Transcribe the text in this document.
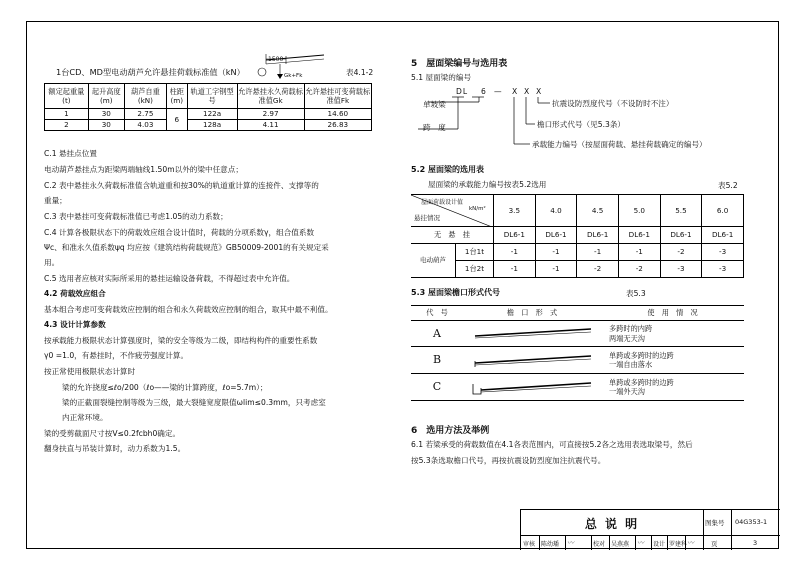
1台CD、MD型电动葫芦允许悬挂荷载标准值（kN）	表4.1-2
1500
Gk+Fk
额定起重量(t)	起升高度(m)	葫芦自重(kN)	柱距(m)	轨道工字钢型号	允许悬挂永久荷载标准值Gk	允许悬挂可变荷载标准值Fk
1	30	2.75	6	122a	2.97	14.60
2	30	4.03		128a	4.11	26.83
C.1 悬挂点位置
电动葫芦悬挂点为距梁两端轴线1.50m以外的梁中任意点；
C.2 表中悬挂永久荷载标准值含轨道重和按30%的轨道重计算的连接件、支撑等的
重量；
C.3 表中悬挂可变荷载标准值已考虑1.05的动力系数；
C.4 计算各极限状态下的荷载效应组合设计值时，荷载的分项系数γ，组合值系数
Ψc、和准永久值系数ψq 均应按《建筑结构荷载规范》GB50009-2001的有关规定采
用。
C.5 选用者应核对实际所采用的悬挂运输设备荷载，不得超过表中允许值。
4.2 荷载效应组合
基本组合考虑可变荷载效应控制的组合和永久荷载效应控制的组合，取其中最不利值。
4.3 设计计算参数
按承载能力极限状态计算强度时，梁的安全等级为二级，即结构构件的重要性系数
γ0 =1.0，有悬挂时，不作疲劳强度计算。
按正常使用极限状态计算时
梁的允许挠度≤ℓo/200（ℓo——梁的计算跨度，ℓo=5.7m）；
梁的正截面裂缝控制等级为三级，最大裂缝宽度限值ωlim≤0.3mm，只考虑室
内正常环境。
梁的受剪截面尺寸按V≤0.2fcbh0确定。
翻身扶直与吊装计算时，动力系数为1.5。
5　屋面梁编号与选用表
5.1 屋面梁的编号
DL 6 — X X X
单坡梁
跨　度
抗震设防烈度代号（不设防时不注）
檐口形式代号（见5.3条）
承载能力编号（按屋面荷载、悬挂荷载确定的编号）
5.2 屋面梁的选用表
屋面梁的承载能力编号按表5.2选用	表5.2
屋面荷载设计值
kN/m²
悬挂情况		3.5	4.0	4.5	5.0	5.5	6.0
无　悬　挂		DL6-1	DL6-1	DL6-1	DL6-1	DL6-1	DL6-1
电动葫芦	1台1t	-1	-1	-1	-1	-2	-3
	1台2t	-1	-1	-2	-2	-3	-3
5.3 屋面梁檐口形式代号	表5.3
代　号	檐　口　形　式	使　用　情　况
A		多跨时的内跨
两端无天沟

B		单跨或多跨时的边跨
一端自由落水

C		单跨或多跨时的边跨
一端外天沟
6　选用方法及举例
6.1 若梁承受的荷载数值在4.1各表范围内，可直接按5.2各之选用表选取梁号，然后
按5.3条选取檐口代号，再按抗震设防烈度加注抗震代号。
总 说 明	图集号 04G353-1
页	3
审核 陈幼璠 〰	校对 吴燕燕 〰 设计 罗建科 〰
